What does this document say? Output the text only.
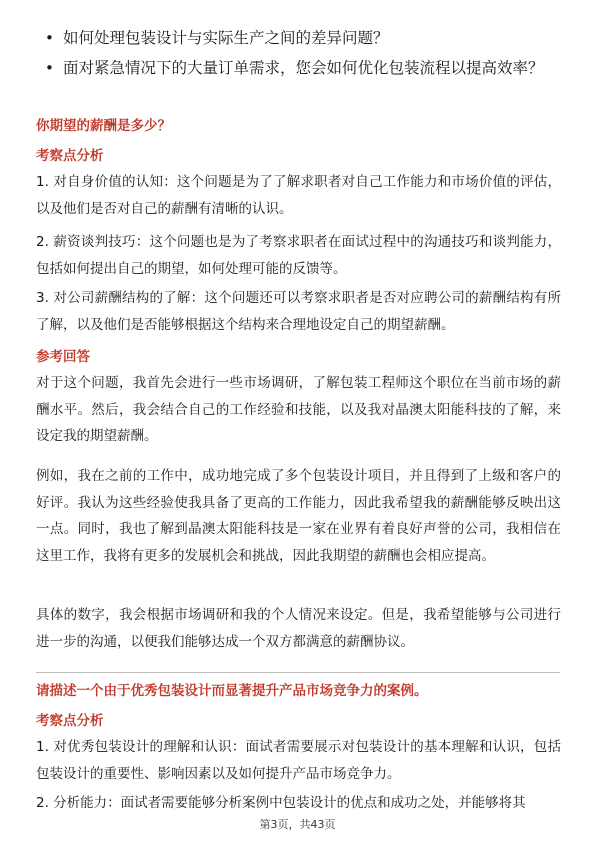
• 如何处理包装设计与实际生产之间的差异问题？
• 面对紧急情况下的大量订单需求，您会如何优化包装流程以提高效率？
你期望的薪酬是多少？
考察点分析

1. 对自身价值的认知：这个问题是为了了解求职者对自己工作能力和市场价值的评估，以及他们是否对自己的薪酬有清晰的认识。

2. 薪资谈判技巧：这个问题也是为了考察求职者在面试过程中的沟通技巧和谈判能力，包括如何提出自己的期望，如何处理可能的反馈等。

3. 对公司薪酬结构的了解：这个问题还可以考察求职者是否对应聘公司的薪酬结构有所了解，以及他们是否能够根据这个结构来合理地设定自己的期望薪酬。

参考回答

对于这个问题，我首先会进行一些市场调研，了解包装工程师这个职位在当前市场的薪酬水平。然后，我会结合自己的工作经验和技能，以及我对晶澳太阳能科技的了解，来设定我的期望薪酬。

例如，我在之前的工作中，成功地完成了多个包装设计项目，并且得到了上级和客户的好评。我认为这些经验使我具备了更高的工作能力，因此我希望我的薪酬能够反映出这一点。同时，我也了解到晶澳太阳能科技是一家在业界有着良好声誉的公司，我相信在这里工作，我将有更多的发展机会和挑战，因此我期望的薪酬也会相应提高。

具体的数字，我会根据市场调研和我的个人情况来设定。但是，我希望能够与公司进行进一步的沟通，以便我们能够达成一个双方都满意的薪酬协议。

请描述一个由于优秀包装设计而显著提升产品市场竞争力的案例。
考察点分析

1. 对优秀包装设计的理解和认识：面试者需要展示对包装设计的基本理解和认识，包括包装设计的重要性、影响因素以及如何提升产品市场竞争力。

2. 分析能力：面试者需要能够分析案例中包装设计的优点和成功之处，并能够将其

第3页，共43页
